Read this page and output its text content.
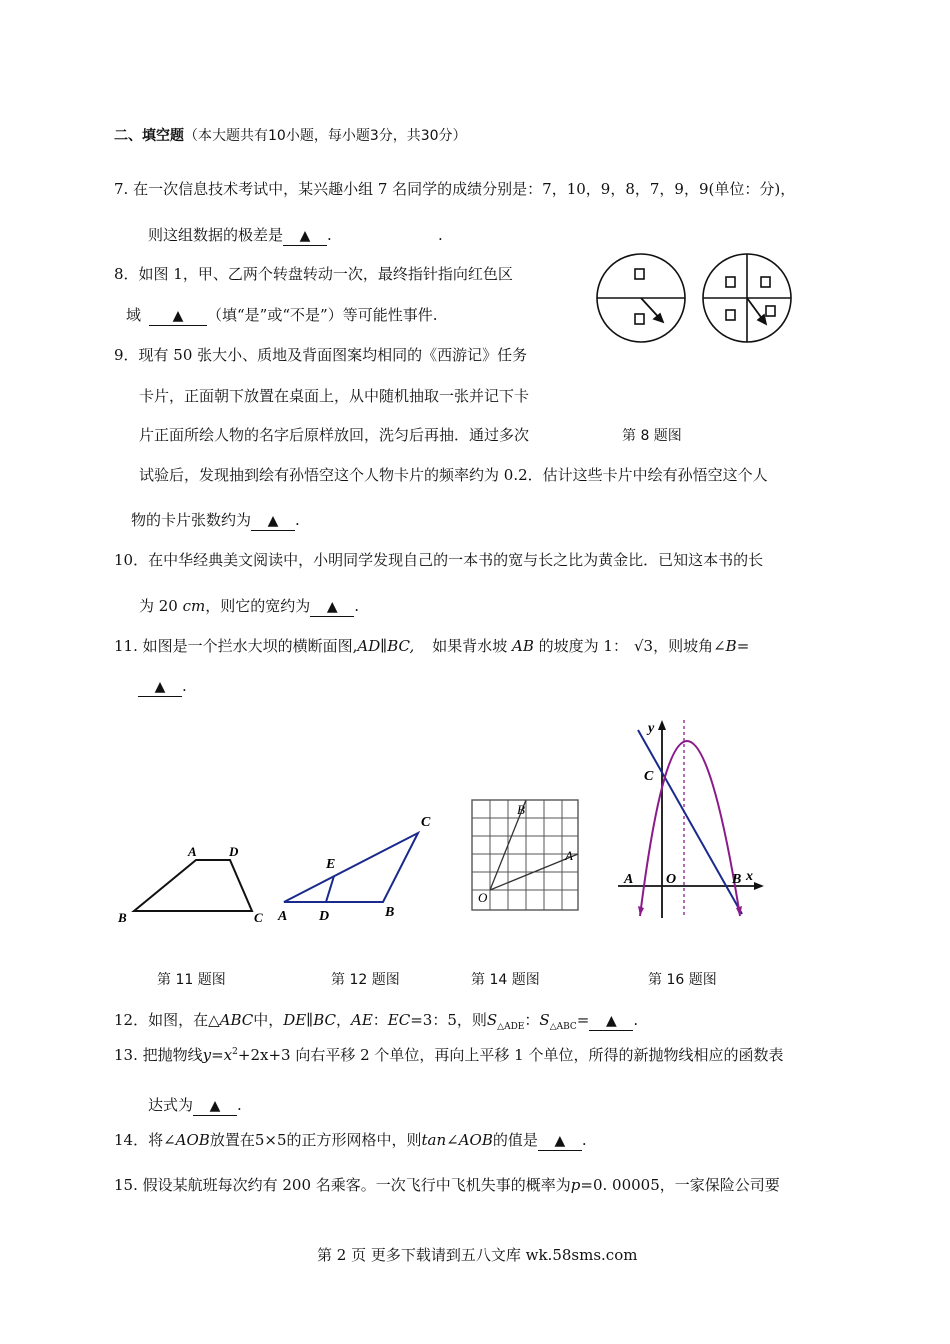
二、填空题（本大题共有10小题，每小题3分，共30分）
7. 在一次信息技术考试中，某兴趣小组 7 名同学的成绩分别是：7，10，9，8，7，9，9(单位：分)，
则这组数据的极差是 ▲ .	.
8．如图 1，甲、乙两个转盘转动一次，最终指针指向红色区
域 ▲ （填“是”或“不是”）等可能性事件.
9．现有 50 张大小、质地及背面图案均相同的《西游记》任务
卡片，正面朝下放置在桌面上，从中随机抽取一张并记下卡
片正面所绘人物的名字后原样放回，洗匀后再抽．通过多次	第 8 题图
试验后，发现抽到绘有孙悟空这个人物卡片的频率约为 0.2．估计这些卡片中绘有孙悟空这个人
物的卡片张数约为 ▲ .
10．在中华经典美文阅读中，小明同学发现自己的一本书的宽与长之比为黄金比．已知这本书的长
为 20 cm，则它的宽约为 ▲ .
11. 如图是一个拦水大坝的横断面图,AD∥BC, 如果背水坡 AB 的坡度为 1： √3，则坡角∠B=
▲ .
A D
B	C
C
E
A D	B
B
A
O
y
C
A O	B x
第 11 题图	第 12 题图	第 14 题图	第 16 题图
12．如图，在△ABC中，DE∥BC，AE：EC=3：5，则$S_{\triangle ADE}$：$S_{\triangle ABC}=$ ▲ .
13. 把抛物线$y=x^2+2x+3$ 向右平移 2 个单位，再向上平移 1 个单位，所得的新抛物线相应的函数表
达式为 ▲ .
14．将∠AOB放置在5×5的正方形网格中，则tan∠AOB的值是 ▲ .
15. 假设某航班每次约有 200 名乘客。一次飞行中飞机失事的概率为p=0. 00005，一家保险公司要
第 2 页 更多下载请到五八文库 wk.58sms.com
